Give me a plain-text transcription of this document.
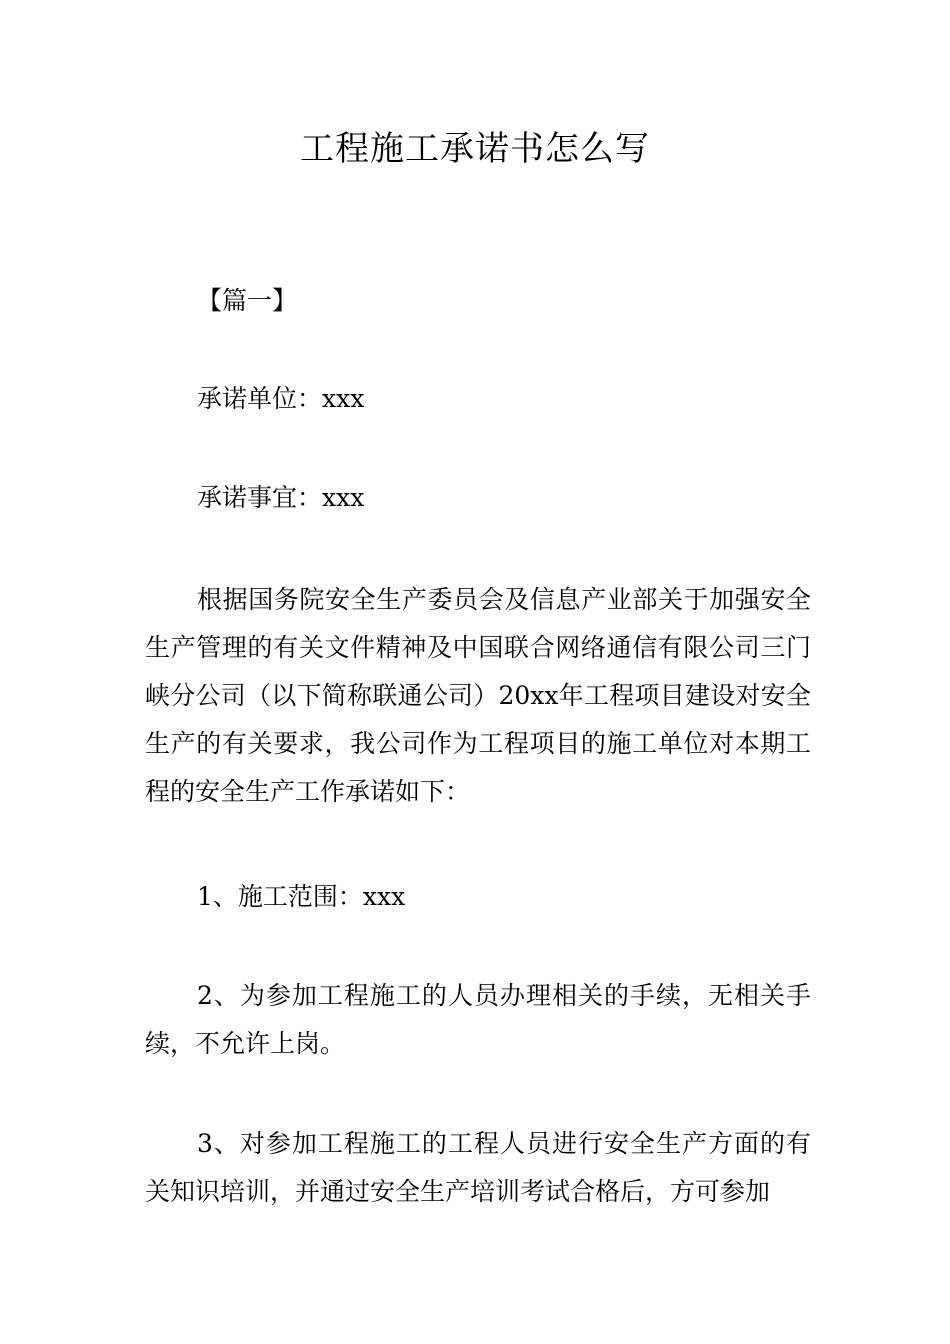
工程施工承诺书怎么写

【篇一】

承诺单位：xxx

承诺事宜：xxx

根据国务院安全生产委员会及信息产业部关于加强安全生产管理的有关文件精神及中国联合网络通信有限公司三门峡分公司（以下简称联通公司）20xx年工程项目建设对安全生产的有关要求，我公司作为工程项目的施工单位对本期工程的安全生产工作承诺如下：

1、施工范围：xxx

2、为参加工程施工的人员办理相关的手续，无相关手续，不允许上岗。

3、对参加工程施工的工程人员进行安全生产方面的有关知识培训，并通过安全生产培训考试合格后，方可参加
